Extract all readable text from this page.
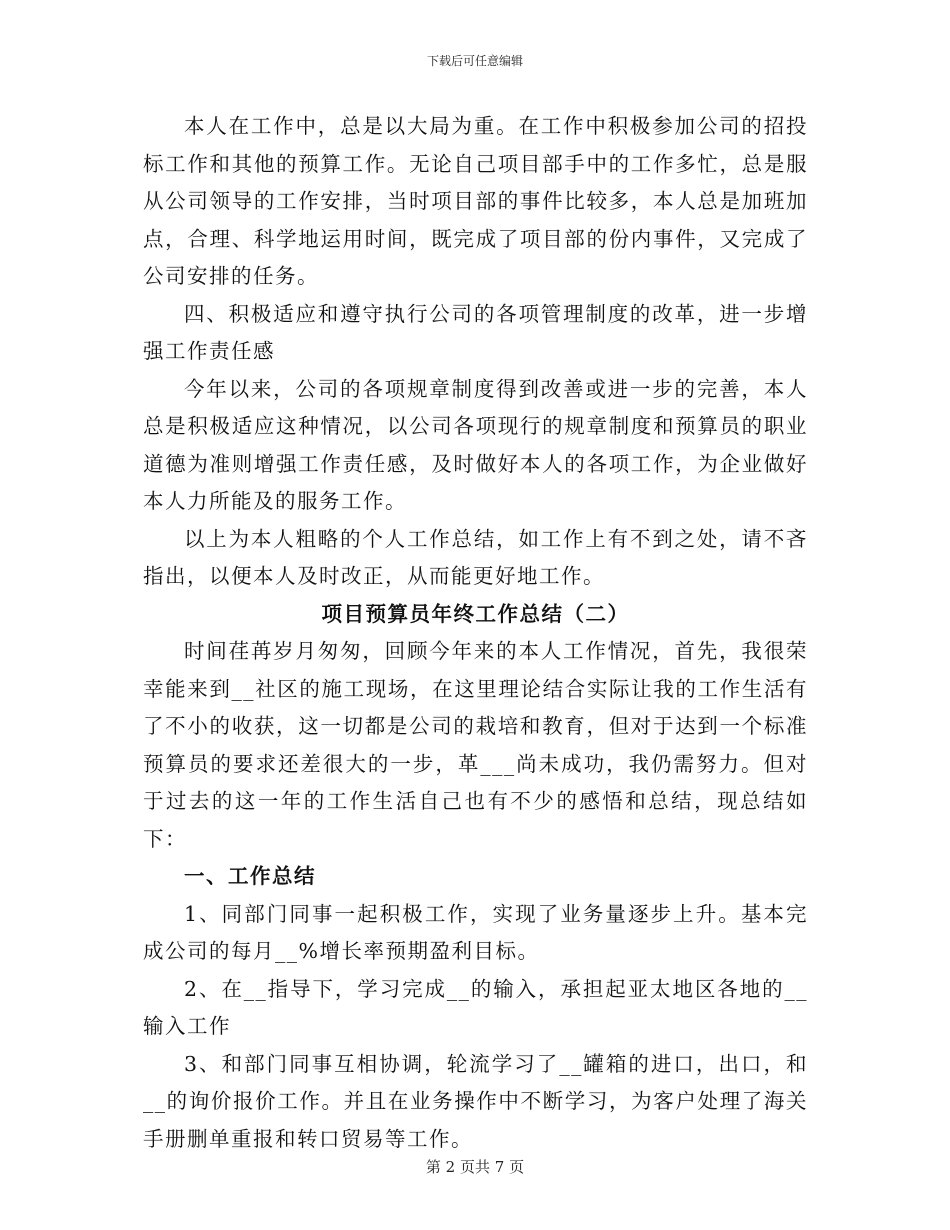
下载后可任意编辑

本人在工作中，总是以大局为重。在工作中积极参加公司的招投标工作和其他的预算工作。无论自己项目部手中的工作多忙，总是服从公司领导的工作安排，当时项目部的事件比较多，本人总是加班加点，合理、科学地运用时间，既完成了项目部的份内事件，又完成了公司安排的任务。

四、积极适应和遵守执行公司的各项管理制度的改革，进一步增强工作责任感

今年以来，公司的各项规章制度得到改善或进一步的完善，本人总是积极适应这种情况，以公司各项现行的规章制度和预算员的职业道德为准则增强工作责任感，及时做好本人的各项工作，为企业做好本人力所能及的服务工作。

以上为本人粗略的个人工作总结，如工作上有不到之处，请不吝指出，以便本人及时改正，从而能更好地工作。

项目预算员年终工作总结（二）

时间荏苒岁月匆匆，回顾今年来的本人工作情况，首先，我很荣幸能来到__社区的施工现场，在这里理论结合实际让我的工作生活有了不小的收获，这一切都是公司的栽培和教育，但对于达到一个标准预算员的要求还差很大的一步，革___尚未成功，我仍需努力。但对于过去的这一年的工作生活自己也有不少的感悟和总结，现总结如下：

一、工作总结

1、同部门同事一起积极工作，实现了业务量逐步上升。基本完成公司的每月__%增长率预期盈利目标。

2、在__指导下，学习完成__的输入，承担起亚太地区各地的__输入工作

3、和部门同事互相协调，轮流学习了__罐箱的进口，出口，和__的询价报价工作。并且在业务操作中不断学习，为客户处理了海关手册删单重报和转口贸易等工作。

第 2 页共 7 页
